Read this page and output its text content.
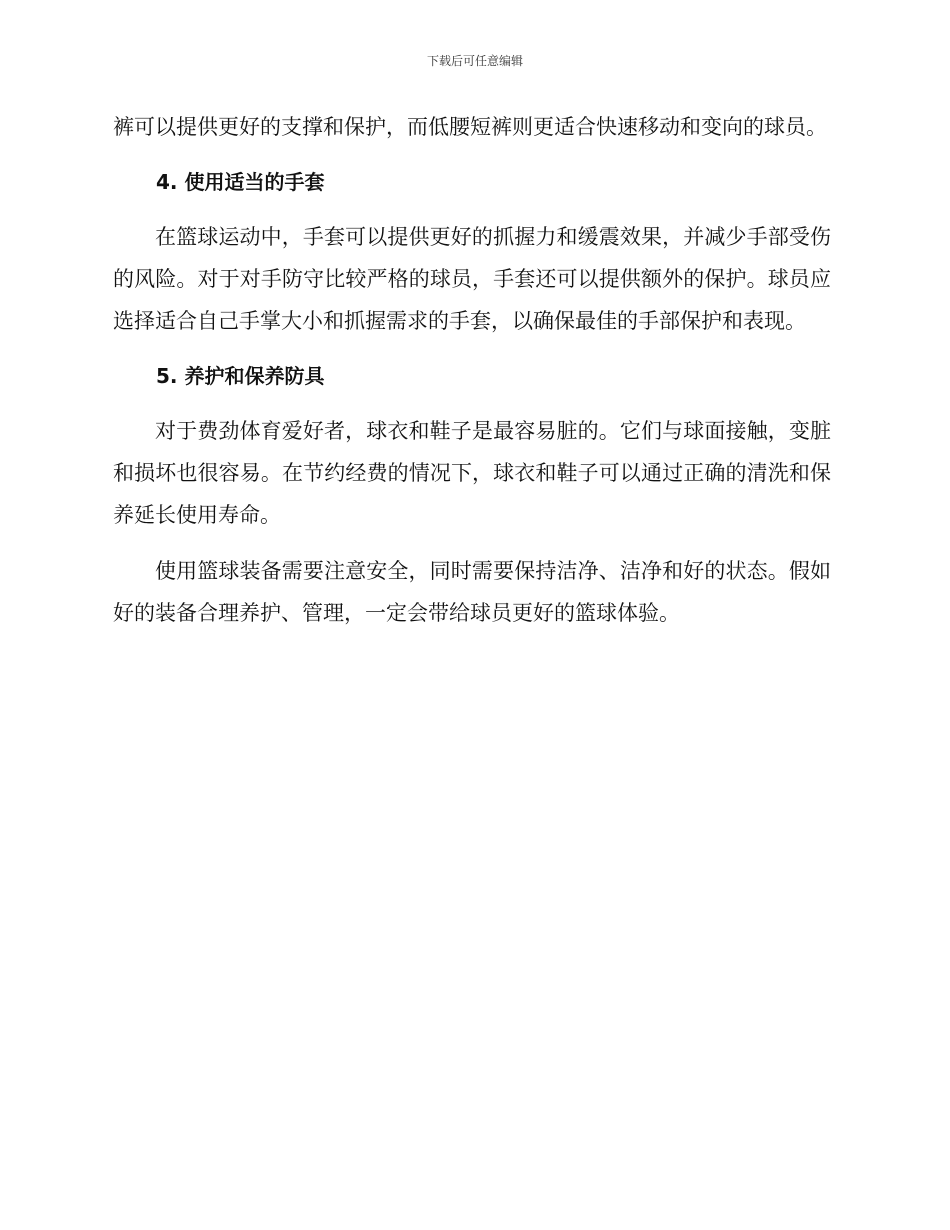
下载后可任意编辑

裤可以提供更好的支撑和保护，而低腰短裤则更适合快速移动和变向的球员。

4. 使用适当的手套

在篮球运动中，手套可以提供更好的抓握力和缓震效果，并减少手部受伤的风险。对于对手防守比较严格的球员，手套还可以提供额外的保护。球员应选择适合自己手掌大小和抓握需求的手套，以确保最佳的手部保护和表现。

5. 养护和保养防具

对于费劲体育爱好者，球衣和鞋子是最容易脏的。它们与球面接触，变脏和损坏也很容易。在节约经费的情况下，球衣和鞋子可以通过正确的清洗和保养延长使用寿命。

使用篮球装备需要注意安全，同时需要保持洁净、洁净和好的状态。假如好的装备合理养护、管理，一定会带给球员更好的篮球体验。
